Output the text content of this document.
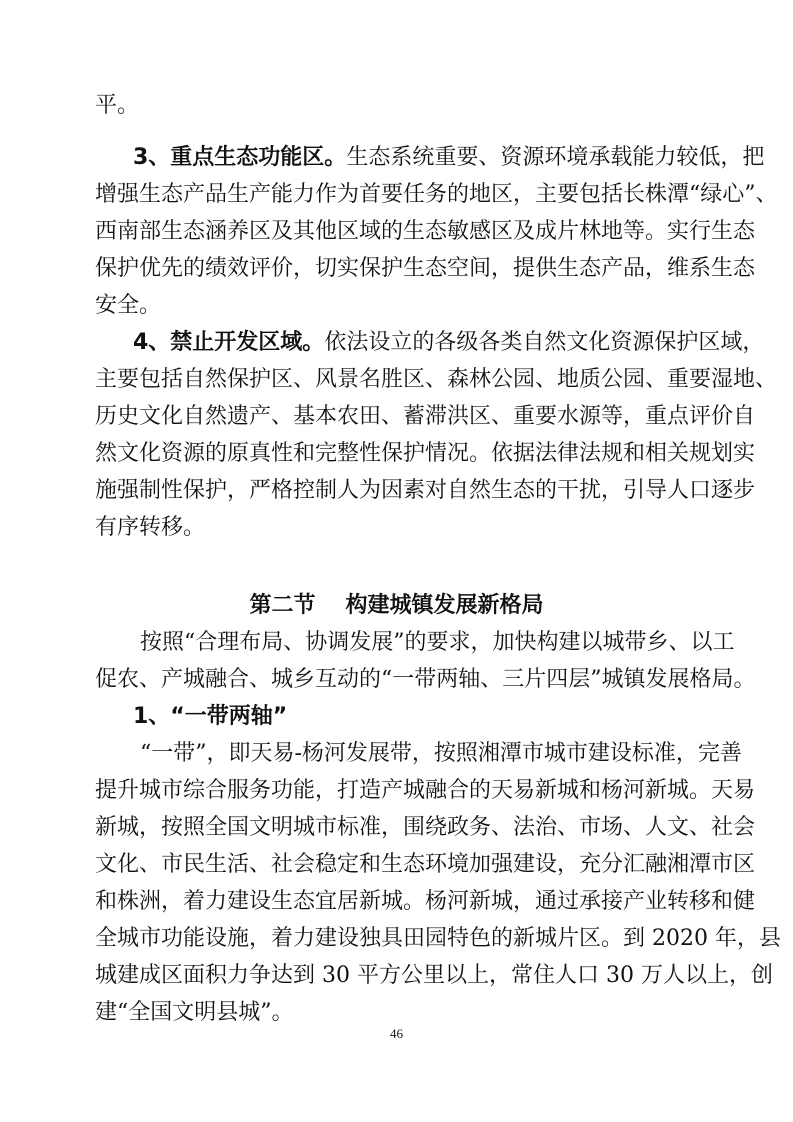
平。
3、重点生态功能区。生态系统重要、资源环境承载能力较低，把
增强生态产品生产能力作为首要任务的地区，主要包括长株潭“绿心”、
西南部生态涵养区及其他区域的生态敏感区及成片林地等。实行生态
保护优先的绩效评价，切实保护生态空间，提供生态产品，维系生态
安全。
4、禁止开发区域。依法设立的各级各类自然文化资源保护区域，
主要包括自然保护区、风景名胜区、森林公园、地质公园、重要湿地、
历史文化自然遗产、基本农田、蓄滞洪区、重要水源等，重点评价自
然文化资源的原真性和完整性保护情况。依据法律法规和相关规划实
施强制性保护，严格控制人为因素对自然生态的干扰，引导人口逐步
有序转移。
第二节 构建城镇发展新格局
按照“合理布局、协调发展”的要求，加快构建以城带乡、以工
促农、产城融合、城乡互动的“一带两轴、三片四层”城镇发展格局。
1、“一带两轴”
“一带”，即天易-杨河发展带，按照湘潭市城市建设标准，完善
提升城市综合服务功能，打造产城融合的天易新城和杨河新城。天易
新城，按照全国文明城市标准，围绕政务、法治、市场、人文、社会
文化、市民生活、社会稳定和生态环境加强建设，充分汇融湘潭市区
和株洲，着力建设生态宜居新城。杨河新城，通过承接产业转移和健
全城市功能设施，着力建设独具田园特色的新城片区。到 2020 年，县
城建成区面积力争达到 30 平方公里以上，常住人口 30 万人以上，创
建“全国文明县城”。
46
